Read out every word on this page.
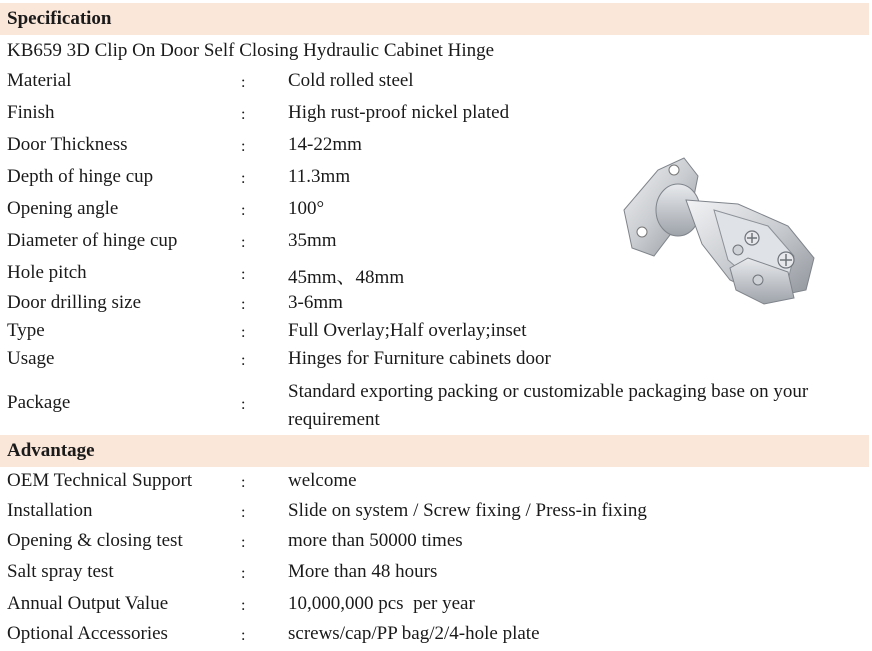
Specification
KB659 3D Clip On Door Self Closing Hydraulic Cabinet Hinge
Material	: Cold rolled steel
Finish	: High rust-proof nickel plated
Door Thickness	: 14-22mm
Depth of hinge cup	: 11.3mm
Opening angle	: 100°
Diameter of hinge cup	: 35mm
Hole pitch	: 45mm、48mm
Door drilling size	: 3-6mm
Type	: Full Overlay;Half overlay;inset
Usage	: Hinges for Furniture cabinets door
Package	:
Standard exporting packing or customizable packaging base on your requirement
Advantage
OEM Technical Support	: welcome
Installation	: Slide on system / Screw fixing / Press-in fixing
Opening & closing test	: more than 50000 times
Salt spray test	: More than 48 hours
Annual Output Value	: 10,000,000 pcs  per year
Optional Accessories	: screws/cap/PP bag/2/4-hole plate
